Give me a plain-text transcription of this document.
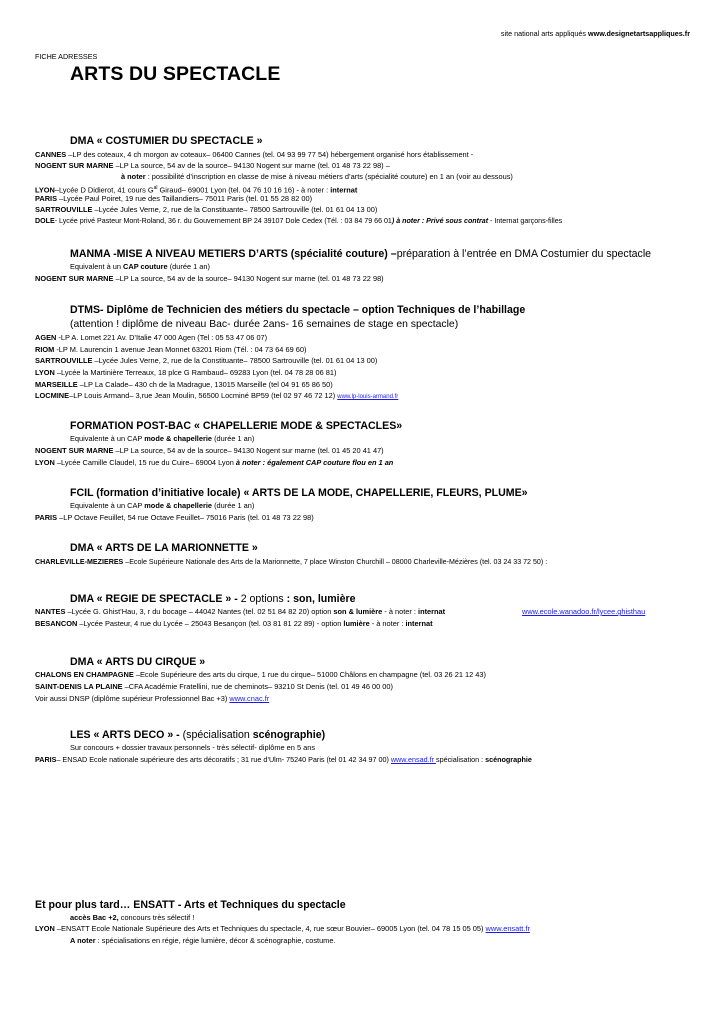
site national arts appliqués www.designetartsappliques.fr
FICHE ADRESSES
ARTS DU SPECTACLE
DMA « COSTUMIER DU SPECTACLE »
CANNES –LP des coteaux, 4 ch morgon av coteaux– 06400 Cannes (tel. 04 93 99 77 54) hébergement organisé hors établissement -
NOGENT SUR MARNE –LP La source, 54 av de la source– 94130 Nogent sur marne (tel. 01 48 73 22 98) –
à noter : possibilité d’inscription en classe de mise à niveau métiers d’arts (spécialité couture) en 1 an (voir au dessous)
LYON–Lycée D Didierot, 41 cours $G^{al}$ Giraud– 69001 Lyon (tel. 04 76 10 16 16) - à noter : internat
PARIS –Lycée Paul Poiret, 19 rue des Taillandiers– 75011 Paris (tel. 01 55 28 82 00)
SARTROUVILLE –Lycée Jules Verne, 2, rue de la Constituante– 78500 Sartrouville (tel. 01 61 04 13 00)
DOLE- Lycée privé Pasteur Mont-Roland, 36 r. du Gouvernement BP 24 39107 Dole Cedex (Tél. : 03 84 79 66 01) à noter : Privé sous contrat - Internat garçons-filles
MANMA -MISE A NIVEAU METIERS D’ARTS (spécialité couture) –préparation à l’entrée en DMA Costumier du spectacle
Equivalent à un CAP couture (durée 1 an)
NOGENT SUR MARNE –LP La source, 54 av de la source– 94130 Nogent sur marne (tel. 01 48 73 22 98)
DTMS- Diplôme de Technicien des métiers du spectacle – option Techniques de l’habillage
(attention ! diplôme de niveau Bac- durée 2ans- 16 semaines de stage en spectacle)
AGEN -LP A. Lomet 221 Av. D’Italie 47 000 Agen (Tel : 05 53 47 06 07)
RIOM -LP M. Laurencin 1 avenue Jean Monnet 63201 Riom (Tél. : 04 73 64 69 60)
SARTROUVILLE –Lycée Jules Verne, 2, rue de la Constituante– 78500 Sartrouville (tel. 01 61 04 13 00)
LYON –Lycée la Martinière Terreaux, 18 plce G Rambaud– 69283 Lyon (tel. 04 78 28 06 81)
MARSEILLE –LP La Calade– 430 ch de la Madrague, 13015 Marseille (tel 04 91 65 86 50)
LOCMINE–LP Louis Armand– 3,rue Jean Moulin, 56500 Locminé BP59 (tel 02 97 46 72 12) www.lp-louis-armand.fr
FORMATION POST-BAC « CHAPELLERIE MODE & SPECTACLES»
Equivalente à un CAP mode & chapellerie (durée 1 an)
NOGENT SUR MARNE –LP La source, 54 av de la source– 94130 Nogent sur marne (tel. 01 45 20 41 47)
LYON –Lycée Camille Claudel, 15 rue du Cuire– 69004 Lyon à noter : également CAP couture flou en 1 an
FCIL (formation d’initiative locale) « ARTS DE LA MODE, CHAPELLERIE, FLEURS, PLUME»
Equivalente à un CAP mode & chapellerie (durée 1 an)
PARIS –LP Octave Feuillet, 54 rue Octave Feuillet– 75016 Paris (tel. 01 48 73 22 98)
DMA « ARTS DE LA MARIONNETTE »
CHARLEVILLE-MEZIERES –Ecole Supérieure Nationale des Arts de la Marionnette, 7 place Winston Churchill – 08000 Charleville-Mézières (tel. 03 24 33 72 50) :
DMA « REGIE DE SPECTACLE » - 2 options : son, lumière
NANTES –Lycée G. Ghist’Hau, 3, r du bocage – 44042 Nantes (tel. 02 51 84 82 20) option son & lumière - à noter : internat	www.ecole.wanadoo.fr/lycee.ghisthau
BESANCON –Lycée Pasteur, 4 rue du Lycée – 25043 Besançon (tel. 03 81 81 22 89) - option lumière - à noter : internat
DMA « ARTS DU CIRQUE »
CHALONS EN CHAMPAGNE –Ecole Supérieure des arts du cirque, 1 rue du cirque– 51000 Châlons en champagne (tel. 03 26 21 12 43)
SAINT-DENIS LA PLAINE –CFA Académie Fratellini, rue de cheminots– 93210 St Denis (tel. 01 49 46 00 00)
Voir aussi DNSP (diplôme supérieur Professionnel Bac +3) www.cnac.fr
LES « ARTS DECO » - (spécialisation scénographie)
Sur concours + dossier travaux personnels - très sélectif- diplôme en 5 ans
PARIS– ENSAD Ecole nationale supérieure des arts décoratifs ; 31 rue d’Ulm- 75240 Paris (tel 01 42 34 97 00) www.ensad.fr spécialisation : scénographie
Et pour plus tard… ENSATT - Arts et Techniques du spectacle
accès Bac +2, concours très sélectif !
LYON –ENSATT Ecole Nationale Supérieure des Arts et Techniques du spectacle, 4, rue sœur Bouvier– 69005 Lyon (tel. 04 78 15 05 05) www.ensatt.fr
A noter : spécialisations en régie, régie lumière, décor & scénographie, costume.
